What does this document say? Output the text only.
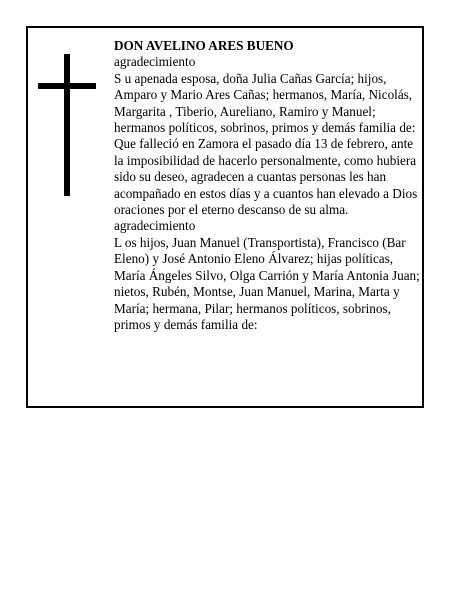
DON AVELINO ARES BUENO

agradecimiento

S u apenada esposa, doña Julia Cañas García; hijos, Amparo y Mario Ares Cañas; hermanos, María, Nicolás, Margarita , Tiberio, Aureliano, Ramiro y Manuel; hermanos políticos, sobrinos, primos y demás familia de:

Que falleció en Zamora el pasado día 13 de febrero, ante la imposibilidad de hacerlo personalmente, como hubiera sido su deseo, agradecen a cuantas personas les han acompañado en estos días y a cuantos han elevado a Dios oraciones por el eterno descanso de su alma.

agradecimiento

L os hijos, Juan Manuel (Transportista), Francisco (Bar Eleno) y José Antonio Eleno Álvarez; hijas políticas, María Ángeles Silvo, Olga Carrión y María Antonia Juan; nietos, Rubén, Montse, Juan Manuel, Marina, Marta y María; hermana, Pilar; hermanos políticos, sobrinos, primos y demás familia de:
